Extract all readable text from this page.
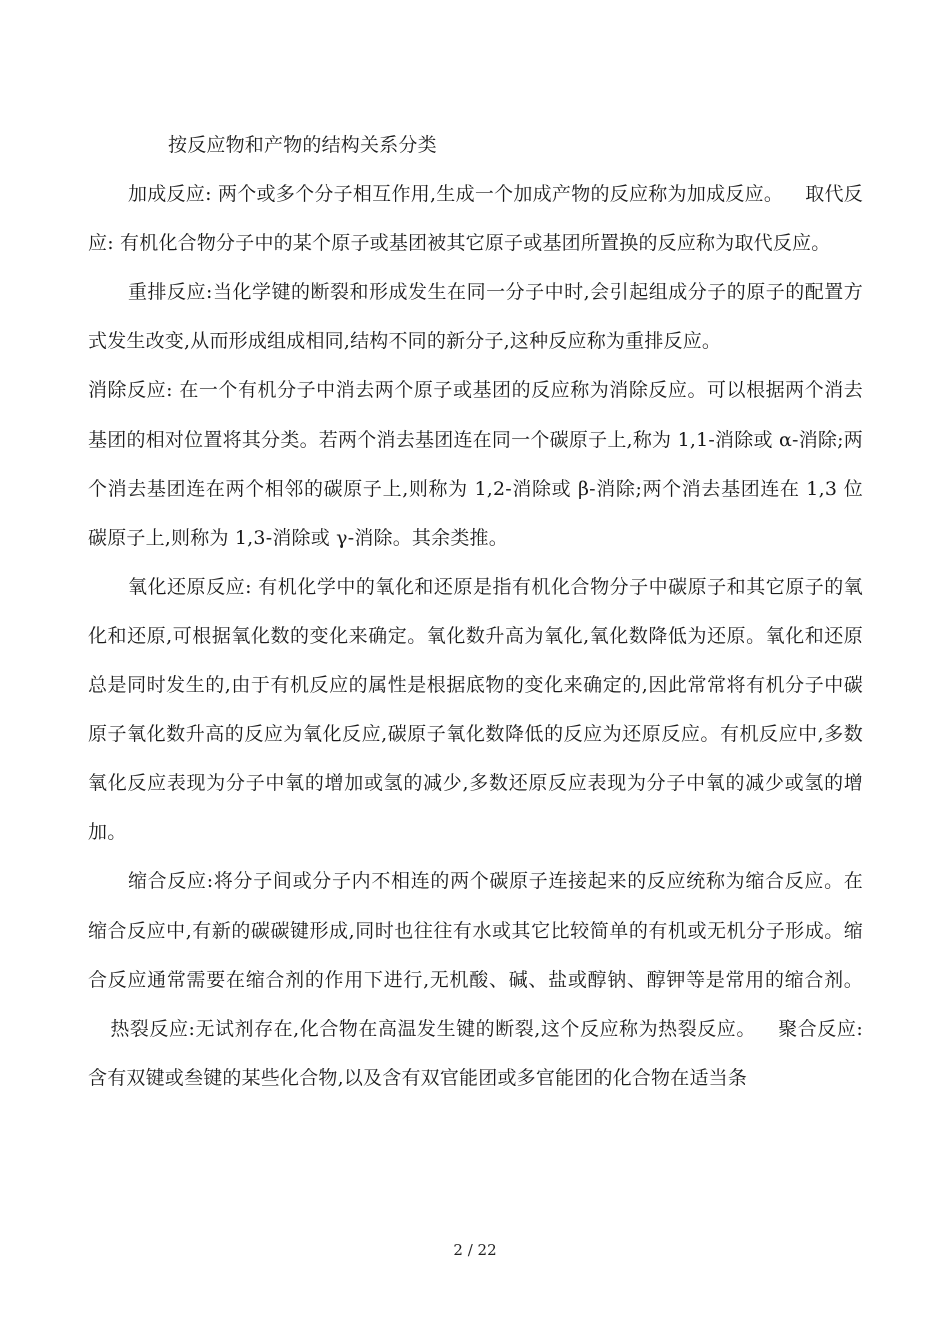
按反应物和产物的结构关系分类

加成反应: 两个或多个分子相互作用,生成一个加成产物的反应称为加成反应。 取代反应: 有机化合物分子中的某个原子或基团被其它原子或基团所置换的反应称为取代反应。

重排反应:当化学键的断裂和形成发生在同一分子中时,会引起组成分子的原子的配置方式发生改变,从而形成组成相同,结构不同的新分子,这种反应称为重排反应。

消除反应: 在一个有机分子中消去两个原子或基团的反应称为消除反应。可以根据两个消去基团的相对位置将其分类。若两个消去基团连在同一个碳原子上,称为 1,1-消除或 α-消除;两个消去基团连在两个相邻的碳原子上,则称为 1,2-消除或 β-消除;两个消去基团连在 1,3 位碳原子上,则称为 1,3-消除或 γ-消除。其余类推。

氧化还原反应: 有机化学中的氧化和还原是指有机化合物分子中碳原子和其它原子的氧化和还原,可根据氧化数的变化来确定。氧化数升高为氧化,氧化数降低为还原。氧化和还原总是同时发生的,由于有机反应的属性是根据底物的变化来确定的,因此常常将有机分子中碳原子氧化数升高的反应为氧化反应,碳原子氧化数降低的反应为还原反应。有机反应中,多数氧化反应表现为分子中氧的增加或氢的减少,多数还原反应表现为分子中氧的减少或氢的增加。

缩合反应:将分子间或分子内不相连的两个碳原子连接起来的反应统称为缩合反应。在缩合反应中,有新的碳碳键形成,同时也往往有水或其它比较简单的有机或无机分子形成。缩合反应通常需要在缩合剂的作用下进行,无机酸、碱、盐或醇钠、醇钾等是常用的缩合剂。热裂反应:无试剂存在,化合物在高温发生键的断裂,这个反应称为热裂反应。 聚合反应:含有双键或叁键的某些化合物,以及含有双官能团或多官能团的化合物在适当条

2 / 22
